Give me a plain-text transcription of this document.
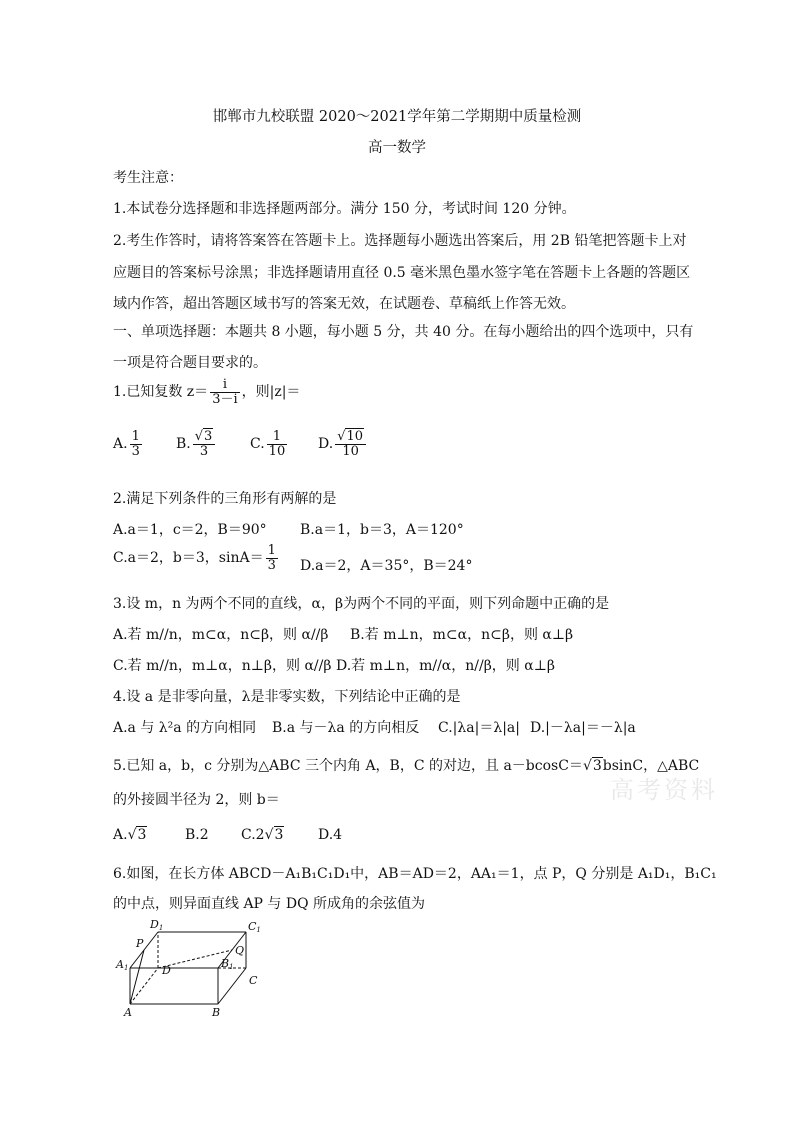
邯郸市九校联盟 2020～2021学年第二学期期中质量检测
高一数学
考生注意：
1.本试卷分选择题和非选择题两部分。满分 150 分，考试时间 120 分钟。
2.考生作答时，请将答案答在答题卡上。选择题每小题选出答案后，用 2B 铅笔把答题卡上对
应题目的答案标号涂黑；非选择题请用直径 0.5 毫米黑色墨水签字笔在答题卡上各题的答题区
域内作答，超出答题区域书写的答案无效，在试题卷、草稿纸上作答无效。
一、单项选择题：本题共 8 小题，每小题 5 分，共 40 分。在每小题给出的四个选项中，只有
一项是符合题目要求的。
1.已知复数 $z= \frac{i}{3-i}$ ，则|z|＝
A. $\frac{1}{3} B$. $\frac{√3}{3} C$. $\frac{1}{10} D$. $\frac{√10}{10}$
2.满足下列条件的三角形有两解的是
A.a＝1，c＝2，B＝90° B.a＝1，b＝3，A＝120°
C.a＝2，b＝3，$\sin A= \frac{1}{3} D.a=2$，A＝35°，B＝24°
3.设 m，n 为两个不同的直线，α，β为两个不同的平面，则下列命题中正确的是
A.若 m//n，m⊂α，n⊂β，则 α//β B.若 m⊥n，m⊂α，n⊂β，则 α⊥β
C.若 m//n，m⊥α，n⊥β，则 α//β D.若 m⊥n，m//α，n//β，则 α⊥β
4.设 a 是非零向量，λ是非零实数，下列结论中正确的是
A.a 与 λ²a 的方向相同 B.a 与－λa 的方向相反 C.|λa|＝λ|a| D.|－λa|＝－λ|a
5.已知 a，b，c 分别为△ABC 三个内角 A，B，C 的对边，且 a－bcosC＝√3bsinC，△ABC
的外接圆半径为 2，则 b＝
A.√3	B.2 C.2√3 D.4
6.如图，在长方体 ABCD－A₁B₁C₁D₁中，AB＝AD＝2，AA₁＝1，点 P，Q 分别是 A₁D₁，B₁C₁
的中点，则异面直线 AP 与 DQ 所成角的余弦值为
D1	C1
P
Q
A1	B1
D
C
A	B
高考资料
